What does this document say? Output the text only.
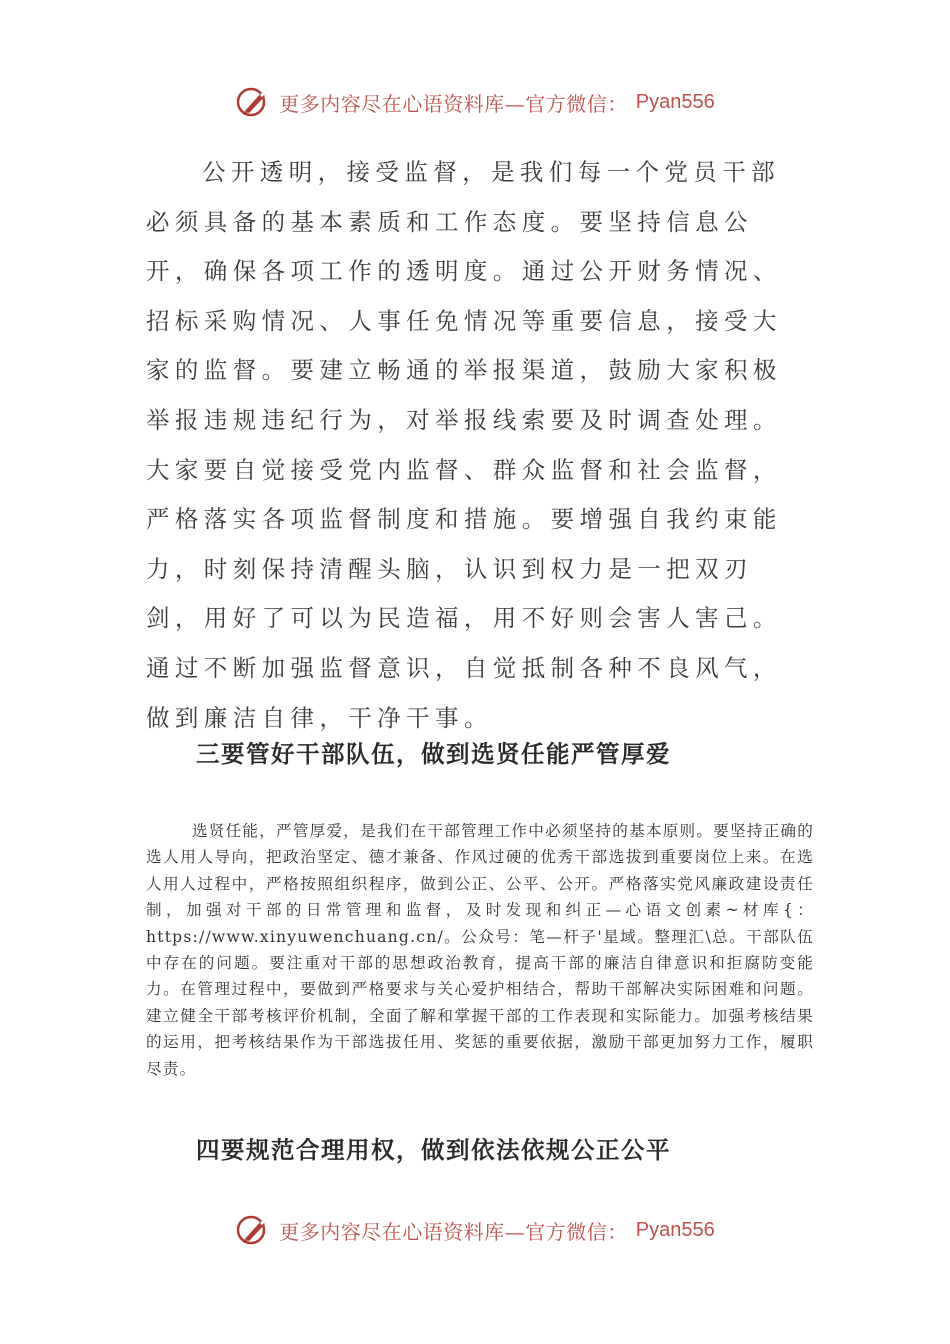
更多内容尽在心语资料库—官方微信： Pyan556

公开透明，接受监督，是我们每一个党员干部必须具备的基本素质和工作态度。要坚持信息公开，确保各项工作的透明度。通过公开财务情况、招标采购情况、人事任免情况等重要信息，接受大家的监督。要建立畅通的举报渠道，鼓励大家积极举报违规违纪行为，对举报线索要及时调查处理。大家要自觉接受党内监督、群众监督和社会监督，严格落实各项监督制度和措施。要增强自我约束能力，时刻保持清醒头脑，认识到权力是一把双刃剑，用好了可以为民造福，用不好则会害人害己。通过不断加强监督意识，自觉抵制各种不良风气，做到廉洁自律，干净干事。

三要管好干部队伍，做到选贤任能严管厚爱

选贤任能，严管厚爱，是我们在干部管理工作中必须坚持的基本原则。要坚持正确的选人用人导向，把政治坚定、德才兼备、作风过硬的优秀干部选拔到重要岗位上来。在选人用人过程中，严格按照组织程序，做到公正、公平、公开。严格落实党风廉政建设责任制，加强对干部的日常管理和监督，及时发现和纠正—心语文创素~材库{：https://www.xinyuwenchuang.cn/。公众号：笔—杆子'星域。整理汇\总。干部队伍中存在的问题。要注重对干部的思想政治教育，提高干部的廉洁自律意识和拒腐防变能力。在管理过程中，要做到严格要求与关心爱护相结合，帮助干部解决实际困难和问题。建立健全干部考核评价机制，全面了解和掌握干部的工作表现和实际能力。加强考核结果的运用，把考核结果作为干部选拔任用、奖惩的重要依据，激励干部更加努力工作，履职尽责。

四要规范合理用权，做到依法依规公正公平
更多内容尽在心语资料库—官方微信： Pyan556
